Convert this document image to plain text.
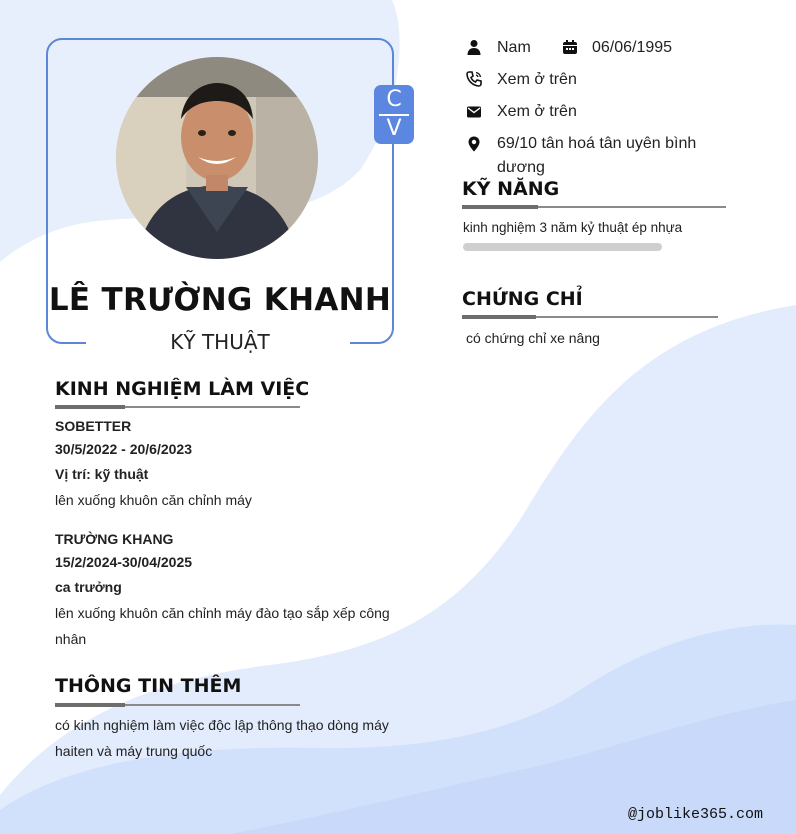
C
V
LÊ TRƯỜNG KHANH
KỸ THUẬT
Nam	06/06/1995
Xem ở trên
Xem ở trên
69/10 tân hoá tân uyên bình
dương
KỸ NĂNG
kinh nghiệm 3 năm kỷ thuật ép nhựa
CHỨNG CHỈ
có chứng chỉ xe nâng
KINH NGHIỆM LÀM VIỆC
SOBETTER
30/5/2022 - 20/6/2023
Vị trí: kỹ thuật
lên xuống khuôn căn chỉnh máy
TRƯỜNG KHANG
15/2/2024-30/04/2025
ca trưởng
lên xuống khuôn căn chỉnh máy đào tạo sắp xếp công
nhân
THÔNG TIN THÊM
có kinh nghiệm làm việc độc lập thông thạo dòng máy
haiten và máy trung quốc
@joblike365.com
